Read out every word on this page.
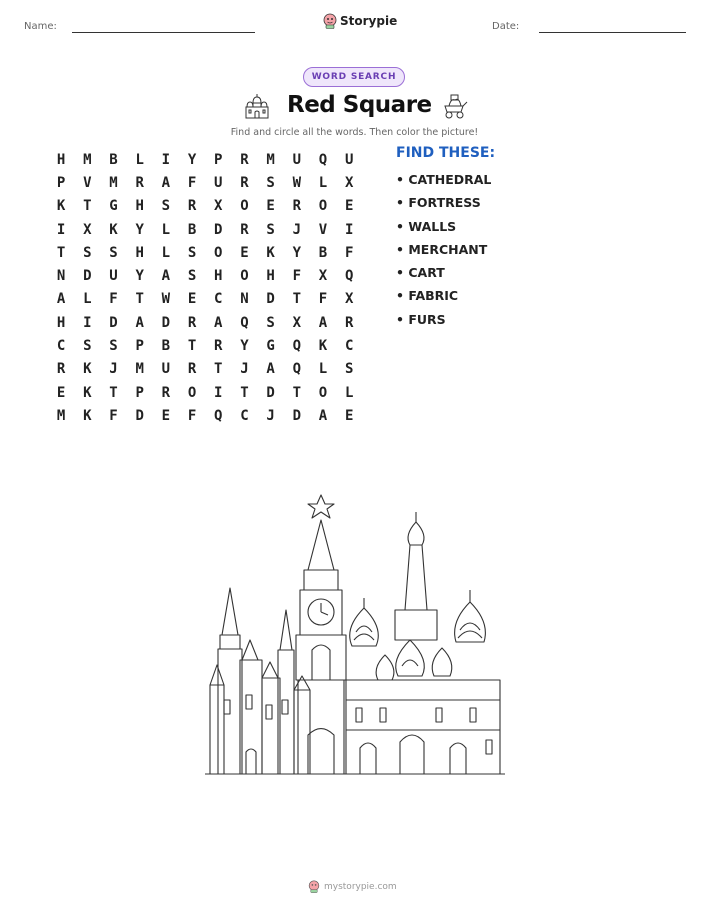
Name:	Storypie	Date:
WORD SEARCH
Red Square
Find and circle all the words. Then color the picture!
H	M	B	L	I	Y	P	R	M	U	Q	U
P	V	M	R	A	F	U	R	S	W	L	X
K	T	G	H	S	R	X	O	E	R	O	E
I	X	K	Y	L	B	D	R	S	J	V	I
T	S	S	H	L	S	O	E	K	Y	B	F
N	D	U	Y	A	S	H	O	H	F	X	Q
A	L	F	T	W	E	C	N	D	T	F	X
H	I	D	A	D	R	A	Q	S	X	A	R
C	S	S	P	B	T	R	Y	G	Q	K	C
R	K	J	M	U	R	T	J	A	Q	L	S
E	K	T	P	R	O	I	T	D	T	O	L
M	K	F	D	E	F	Q	C	J	D	A	E
FIND THESE:
• CATHEDRAL
• FORTRESS
• WALLS
• MERCHANT
• CART
• FABRIC
• FURS
mystorypie.com
